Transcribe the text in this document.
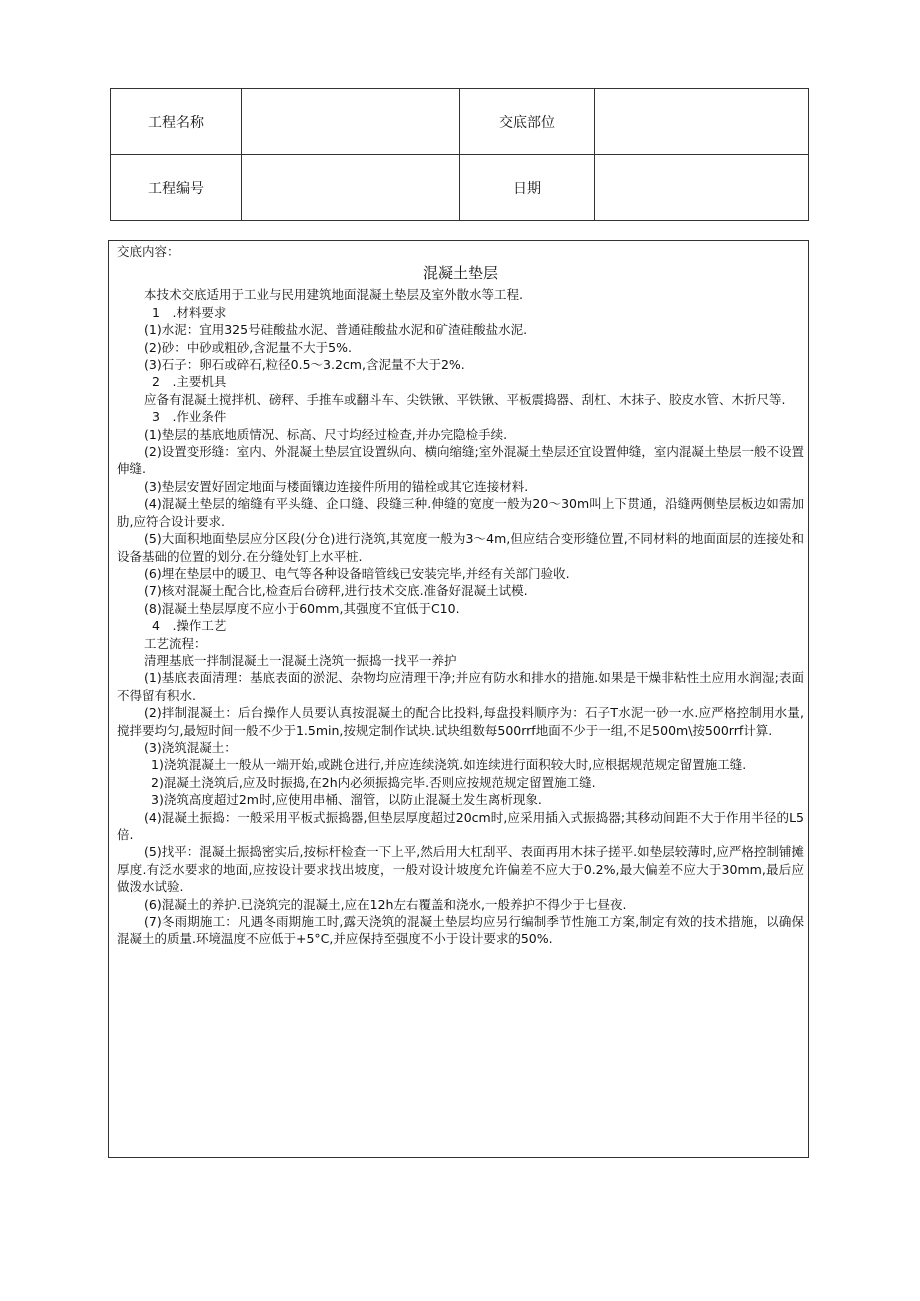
工程名称		交底部位	
工程编号		日期	
交底内容：
混凝土垫层
本技术交底适用于工业与民用建筑地面混凝土垫层及室外散水等工程.
1　.材料要求
(1)水泥：宜用325号硅酸盐水泥、普通硅酸盐水泥和矿渣硅酸盐水泥.
(2)砂：中砂或粗砂,含泥量不大于5%.
(3)石子：卵石或碎石,粒径0.5〜3.2cm,含泥量不大于2%.
2　.主要机具
应备有混凝土搅拌机、磅秤、手推车或翻斗车、尖铁锹、平铁锹、平板震捣器、刮杠、木抹子、胶皮水管、木折尺等.
3　.作业条件
(1)垫层的基底地质情况、标高、尺寸均经过检查,并办完隐检手续.
(2)设置变形缝：室内、外混凝土垫层宜设置纵向、横向缩缝;室外混凝土垫层还宜设置伸缝，室内混凝土垫层一般不设置伸缝.
(3)垫层安置好固定地面与楼面镶边连接件所用的锚栓或其它连接材料.
(4)混凝土垫层的缩缝有平头缝、企口缝、段缝三种.伸缝的宽度一般为20〜30m叫上下贯通，沿缝两侧垫层板边如需加肋,应符合设计要求.
(5)大面积地面垫层应分区段(分仓)进行浇筑,其宽度一般为3〜4m,但应结合变形缝位置,不同材料的地面面层的连接处和设备基础的位置的划分.在分缝处钉上水平桩.
(6)埋在垫层中的暖卫、电气等各种设备暗管线已安装完毕,并经有关部门验收.
(7)核对混凝土配合比,检查后台磅秤,进行技术交底.准备好混凝土试模.
(8)混凝土垫层厚度不应小于60mm,其强度不宜低于C10.
4　.操作工艺
工艺流程：
清理基底一拌制混凝土一混凝土浇筑一振捣一找平一养护
(1)基底表面清理：基底表面的淤泥、杂物均应清理干净;并应有防水和排水的措施.如果是干燥非粘性土应用水润湿;表面不得留有积水.
(2)拌制混凝土：后台操作人员要认真按混凝土的配合比投料,每盘投料顺序为：石子T水泥一砂一水.应严格控制用水量,搅拌要均匀,最短时间一般不少于1.5min,按规定制作试块.试块组数每500rrf地面不少于一组,不足500m\按500rrf计算.
(3)浇筑混凝土：
1)浇筑混凝土一般从一端开始,或跳仓进行,并应连续浇筑.如连续进行面积较大时,应根据规范规定留置施工缝.
2)混凝土浇筑后,应及时振捣,在2h内必须振捣完毕.否则应按规范规定留置施工缝.
3)浇筑高度超过2m时,应使用串桶、溜管，以防止混凝土发生离析现象.
(4)混凝土振捣：一般采用平板式振捣器,但垫层厚度超过20cm时,应采用插入式振捣器;其移动间距不大于作用半径的L5倍.
(5)找平：混凝土振捣密实后,按标杆检查一下上平,然后用大杠刮平、表面再用木抹子搓平.如垫层较薄时,应严格控制铺摊厚度.有泛水要求的地面,应按设计要求找出坡度，一般对设计坡度允许偏差不应大于0.2%,最大偏差不应大于30mm,最后应做泼水试验.
(6)混凝土的养护.已浇筑完的混凝土,应在12h左右覆盖和浇水,一般养护不得少于七昼夜.
(7)冬雨期施工：凡遇冬雨期施工时,露天浇筑的混凝土垫层均应另行编制季节性施工方案,制定有效的技术措施，以确保混凝土的质量.环境温度不应低于+5°C,并应保持至强度不小于设计要求的50%.
